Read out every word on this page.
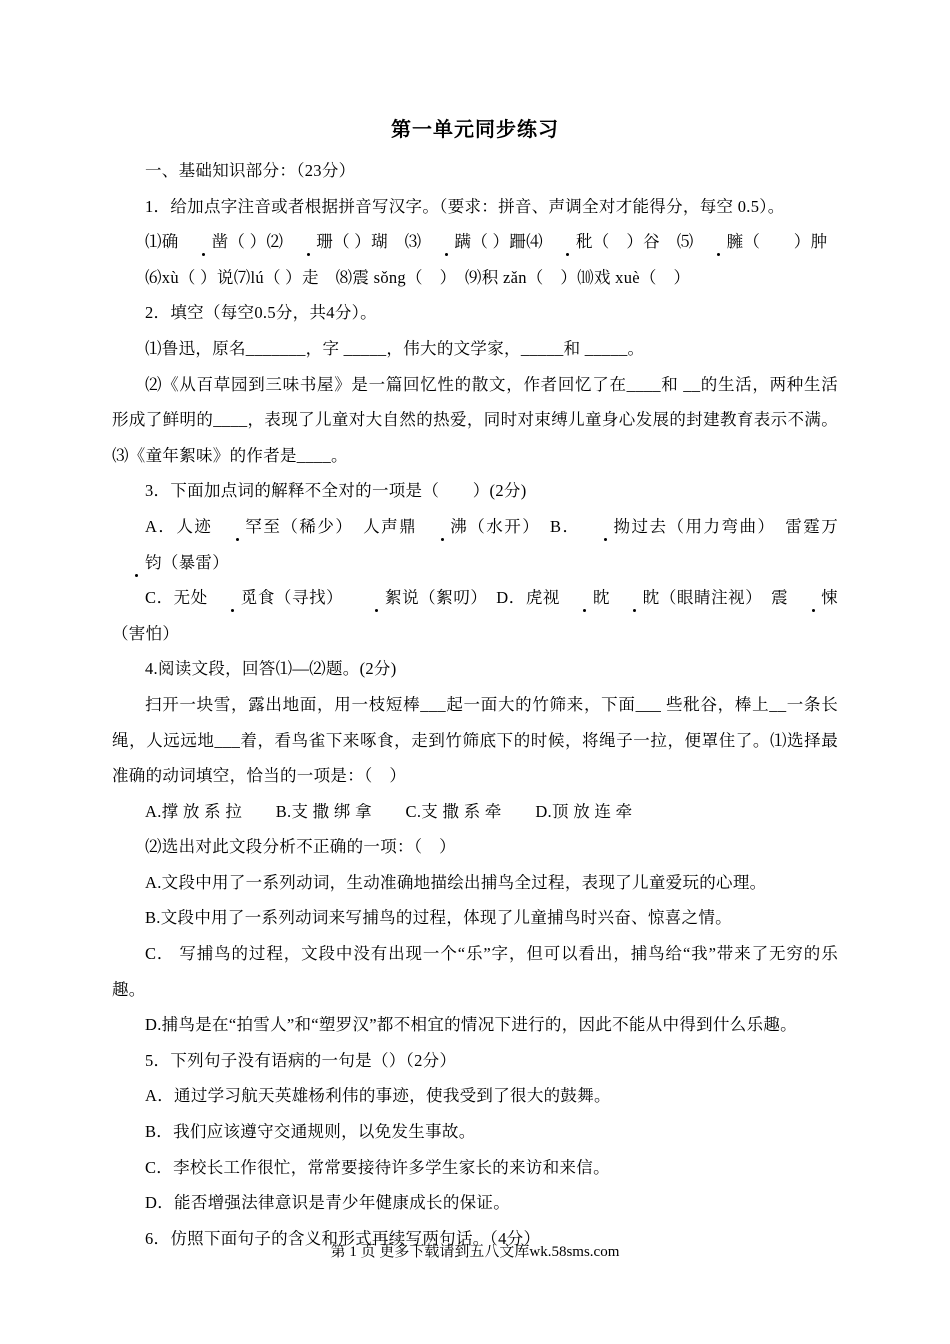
第一单元同步练习

一、基础知识部分：（23分）

1．给加点字注音或者根据拼音写汉字。（要求：拼音、声调全对才能得分，每空 0.5）。

⑴确 凿（ ）⑵ 珊（ ）瑚　⑶ 蹒（ ）跚⑷ 秕（　）谷　⑸ 臃（　　）肿

⑹xù（ ）说⑺lú（ ）走　⑻震 sǒng（　）　⑼积 zǎn（　）⑽戏 xuè（　）

2．填空（每空0.5分，共4分）。

⑴鲁迅，原名_______，字 _____，伟大的文学家，_____和 _____。

⑵《从百草园到三味书屋》是一篇回忆性的散文，作者回忆了在____和 __的生活，两种生活形成了鲜明的____，表现了儿童对大自然的热爱，同时对束缚儿童身心发展的封建教育表示不满。⑶《童年絮味》的作者是____。

3．下面加点词的解释不全对的一项是（　　）(2分)

A．人迹 罕至（稀少）　人声鼎 沸（水开）　B． 拗过去（用力弯曲）　雷霆万钧（暴雷）

C．无处 觅食（寻找）　絮说（絮叨）　D．虎视 眈 眈（眼睛注视）　震 悚（害怕）

4.阅读文段，回答⑴—⑵题。(2分)

扫开一块雪，露出地面，用一枝短棒___起一面大的竹筛来，下面___ 些秕谷，棒上__一条长绳，人远远地___着，看鸟雀下来啄食，走到竹筛底下的时候，将绳子一拉，便罩住了。⑴选择最准确的动词填空，恰当的一项是：（　）

A.撑 放 系 拉　　B.支 撒 绑 拿　　C.支 撒 系 牵　　D.顶 放 连 牵

⑵选出对此文段分析不正确的一项：（　）

A.文段中用了一系列动词，生动准确地描绘出捕鸟全过程，表现了儿童爱玩的心理。

B.文段中用了一系列动词来写捕鸟的过程，体现了儿童捕鸟时兴奋、惊喜之情。

C． 写捕鸟的过程，文段中没有出现一个“乐”字，但可以看出，捕鸟给“我”带来了无穷的乐趣。

D.捕鸟是在“拍雪人”和“塑罗汉”都不相宜的情况下进行的，因此不能从中得到什么乐趣。

5．下列句子没有语病的一句是（）（2分）

A．通过学习航天英雄杨利伟的事迹，使我受到了很大的鼓舞。

B．我们应该遵守交通规则，以免发生事故。

C．李校长工作很忙，常常要接待许多学生家长的来访和来信。

D．能否增强法律意识是青少年健康成长的保证。

6．仿照下面句子的含义和形式再续写两句话。（4分）

第 1 页 更多下载请到五八文库wk.58sms.com
